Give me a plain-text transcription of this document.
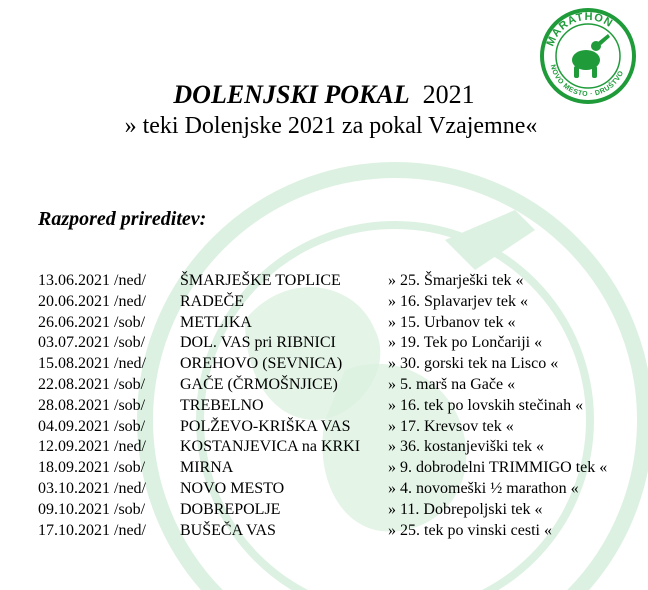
MARATHON
NOVO MESTO · DRUŠTVO
DOLENJSKI POKAL 2021
» teki Dolenjske 2021 za pokal Vzajemne«
Razpored prireditev:
13.06.2021 /ned/ ŠMARJEŠKE TOPLICE	» 25. Šmarješki tek «
20.06.2021 /ned/ RADEČE	» 16. Splavarjev tek «
26.06.2021 /sob/ METLIKA	» 15. Urbanov tek «
03.07.2021 /sob/ DOL. VAS pri RIBNICI	» 19. Tek po Lončariji «
15.08.2021 /ned/ OREHOVO (SEVNICA)	» 30. gorski tek na Lisco «
22.08.2021 /sob/ GAČE (ČRMOŠNJICE)	» 5. marš na Gače «
28.08.2021 /sob/ TREBELNO	» 16. tek po lovskih stečinah «
04.09.2021 /sob/ POLŽEVO-KRIŠKA VAS » 17. Krevsov tek «
12.09.2021 /ned/ KOSTANJEVICA na KRKI » 36. kostanjeviški tek «
18.09.2021 /sob/ MIRNA	» 9. dobrodelni TRIMMIGO tek «
03.10.2021 /ned/ NOVO MESTO	» 4. novomeški ½ marathon «
09.10.2021 /sob/ DOBREPOLJE	» 11. Dobrepoljski tek «
17.10.2021 /ned/ BUŠEČA VAS	» 25. tek po vinski cesti «
